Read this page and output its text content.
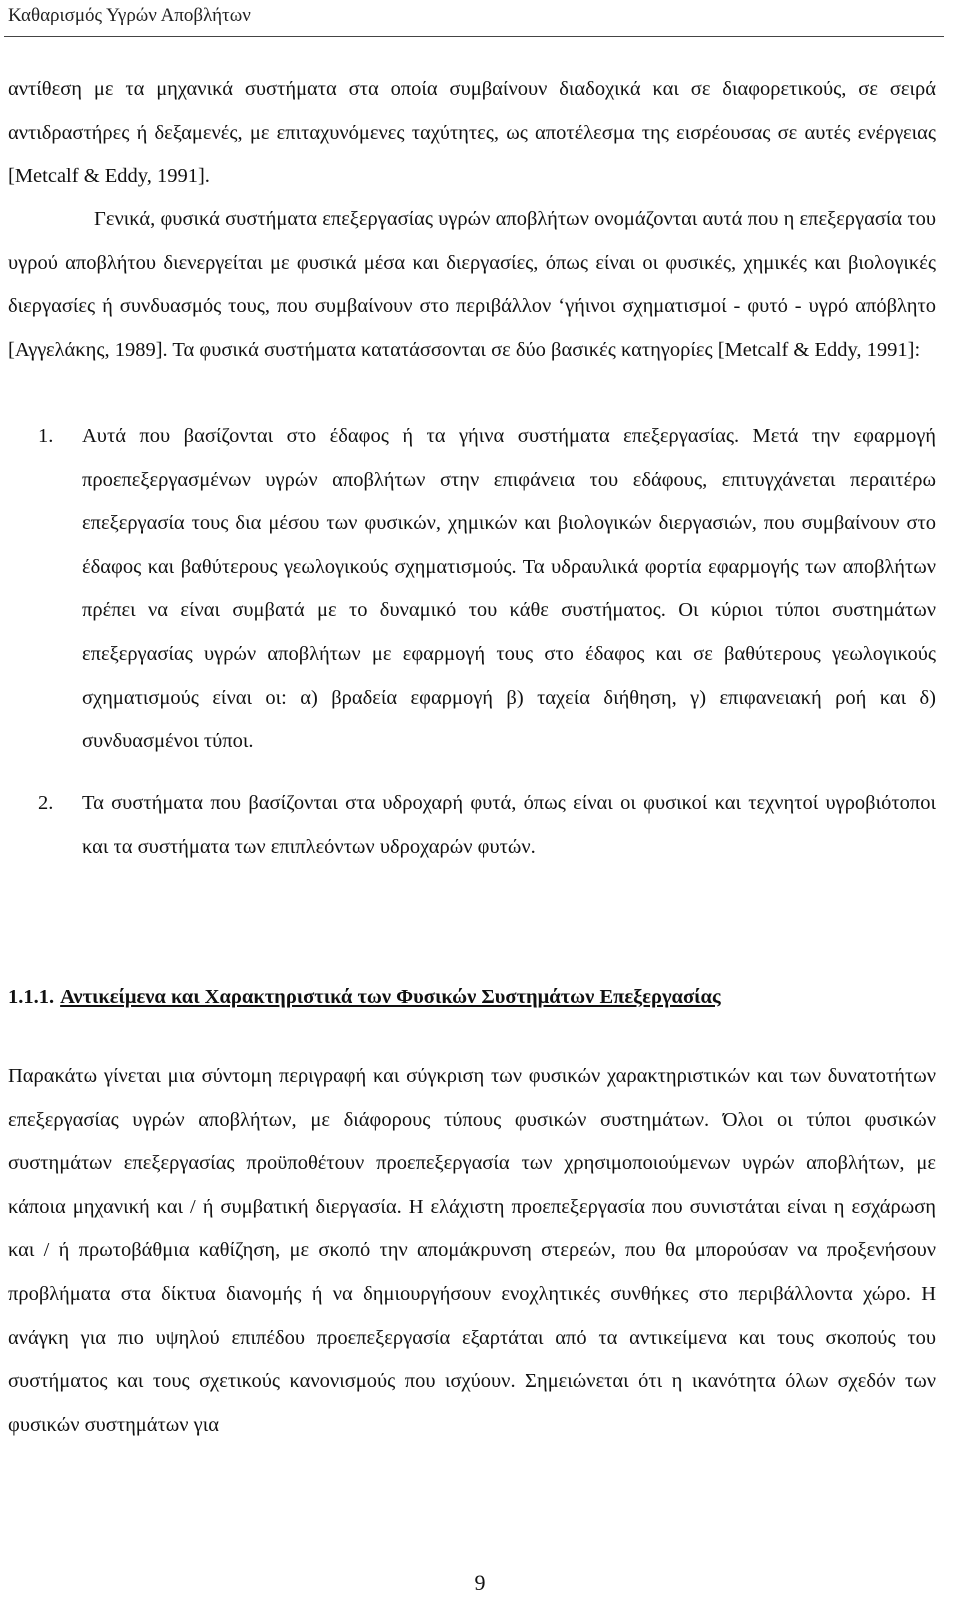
Καθαρισμός Υγρών Αποβλήτων

αντίθεση με τα μηχανικά συστήματα στα οποία συμβαίνουν διαδοχικά και σε διαφορετικούς, σε σειρά αντιδραστήρες ή δεξαμενές, με επιταχυνόμενες ταχύτητες, ως αποτέλεσμα της εισρέουσας σε αυτές ενέργειας [Metcalf & Eddy, 1991].

Γενικά, φυσικά συστήματα επεξεργασίας υγρών αποβλήτων ονομάζονται αυτά που η επεξεργασία του υγρού αποβλήτου διενεργείται με φυσικά μέσα και διεργασίες, όπως είναι οι φυσικές, χημικές και βιολογικές διεργασίες ή συνδυασμός τους, που συμβαίνουν στο περιβάλλον ‘γήινοι σχηματισμοί - φυτό - υγρό απόβλητο [Αγγελάκης, 1989]. Τα φυσικά συστήματα κατατάσσονται σε δύο βασικές κατηγορίες [Metcalf & Eddy, 1991]:

1. Αυτά που βασίζονται στο έδαφος ή τα γήινα συστήματα επεξεργασίας. Μετά την εφαρμογή προεπεξεργασμένων υγρών αποβλήτων στην επιφάνεια του εδάφους, επιτυγχάνεται περαιτέρω επεξεργασία τους δια μέσου των φυσικών, χημικών και βιολογικών διεργασιών, που συμβαίνουν στο έδαφος και βαθύτερους γεωλογικούς σχηματισμούς. Τα υδραυλικά φορτία εφαρμογής των αποβλήτων πρέπει να είναι συμβατά με το δυναμικό του κάθε συστήματος. Οι κύριοι τύποι συστημάτων επεξεργασίας υγρών αποβλήτων με εφαρμογή τους στο έδαφος και σε βαθύτερους γεωλογικούς σχηματισμούς είναι οι: α) βραδεία εφαρμογή β) ταχεία διήθηση, γ) επιφανειακή ροή και δ) συνδυασμένοι τύποι.
2. Τα συστήματα που βασίζονται στα υδροχαρή φυτά, όπως είναι οι φυσικοί και τεχνητοί υγροβιότοποι και τα συστήματα των επιπλεόντων υδροχαρών φυτών.
1.1.1. Αντικείμενα και Χαρακτηριστικά των Φυσικών Συστημάτων Επεξεργασίας

Παρακάτω γίνεται μια σύντομη περιγραφή και σύγκριση των φυσικών χαρακτηριστικών και των δυνατοτήτων επεξεργασίας υγρών αποβλήτων, με διάφορους τύπους φυσικών συστημάτων. Όλοι οι τύποι φυσικών συστημάτων επεξεργασίας προϋποθέτουν προεπεξεργασία των χρησιμοποιούμενων υγρών αποβλήτων, με κάποια μηχανική και / ή συμβατική διεργασία. Η ελάχιστη προεπεξεργασία που συνιστάται είναι η εσχάρωση και / ή πρωτοβάθμια καθίζηση, με σκοπό την απομάκρυνση στερεών, που θα μπορούσαν να προξενήσουν προβλήματα στα δίκτυα διανομής ή να δημιουργήσουν ενοχλητικές συνθήκες στο περιβάλλοντα χώρο. Η ανάγκη για πιο υψηλού επιπέδου προεπεξεργασία εξαρτάται από τα αντικείμενα και τους σκοπούς του συστήματος και τους σχετικούς κανονισμούς που ισχύουν. Σημειώνεται ότι η ικανότητα όλων σχεδόν των φυσικών συστημάτων για

9
